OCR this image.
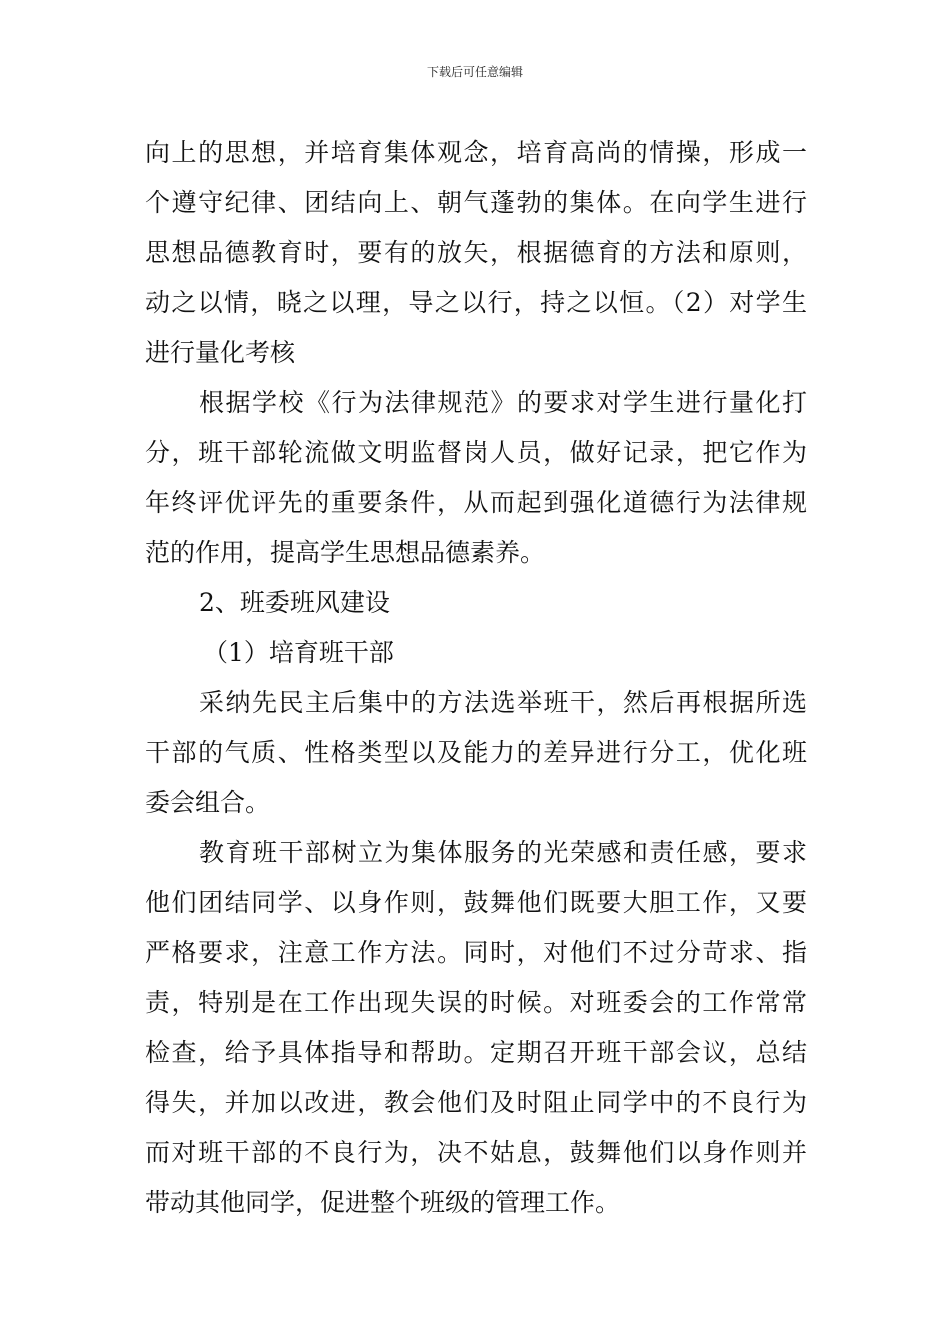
下载后可任意编辑
向上的思想，并培育集体观念，培育高尚的情操，形成一
个遵守纪律、团结向上、朝气蓬勃的集体。在向学生进行
思想品德教育时，要有的放矢，根据德育的方法和原则，
动之以情，晓之以理，导之以行，持之以恒。（2）对学生
进行量化考核
根据学校《行为法律规范》的要求对学生进行量化打
分，班干部轮流做文明监督岗人员，做好记录，把它作为
年终评优评先的重要条件，从而起到强化道德行为法律规
范的作用，提高学生思想品德素养。
2、班委班风建设
（1）培育班干部
采纳先民主后集中的方法选举班干，然后再根据所选
干部的气质、性格类型以及能力的差异进行分工，优化班
委会组合。
教育班干部树立为集体服务的光荣感和责任感，要求
他们团结同学、以身作则，鼓舞他们既要大胆工作，又要
严格要求，注意工作方法。同时，对他们不过分苛求、指
责，特别是在工作出现失误的时候。对班委会的工作常常
检查，给予具体指导和帮助。定期召开班干部会议，总结
得失，并加以改进，教会他们及时阻止同学中的不良行为
而对班干部的不良行为，决不姑息，鼓舞他们以身作则并
带动其他同学，促进整个班级的管理工作。
